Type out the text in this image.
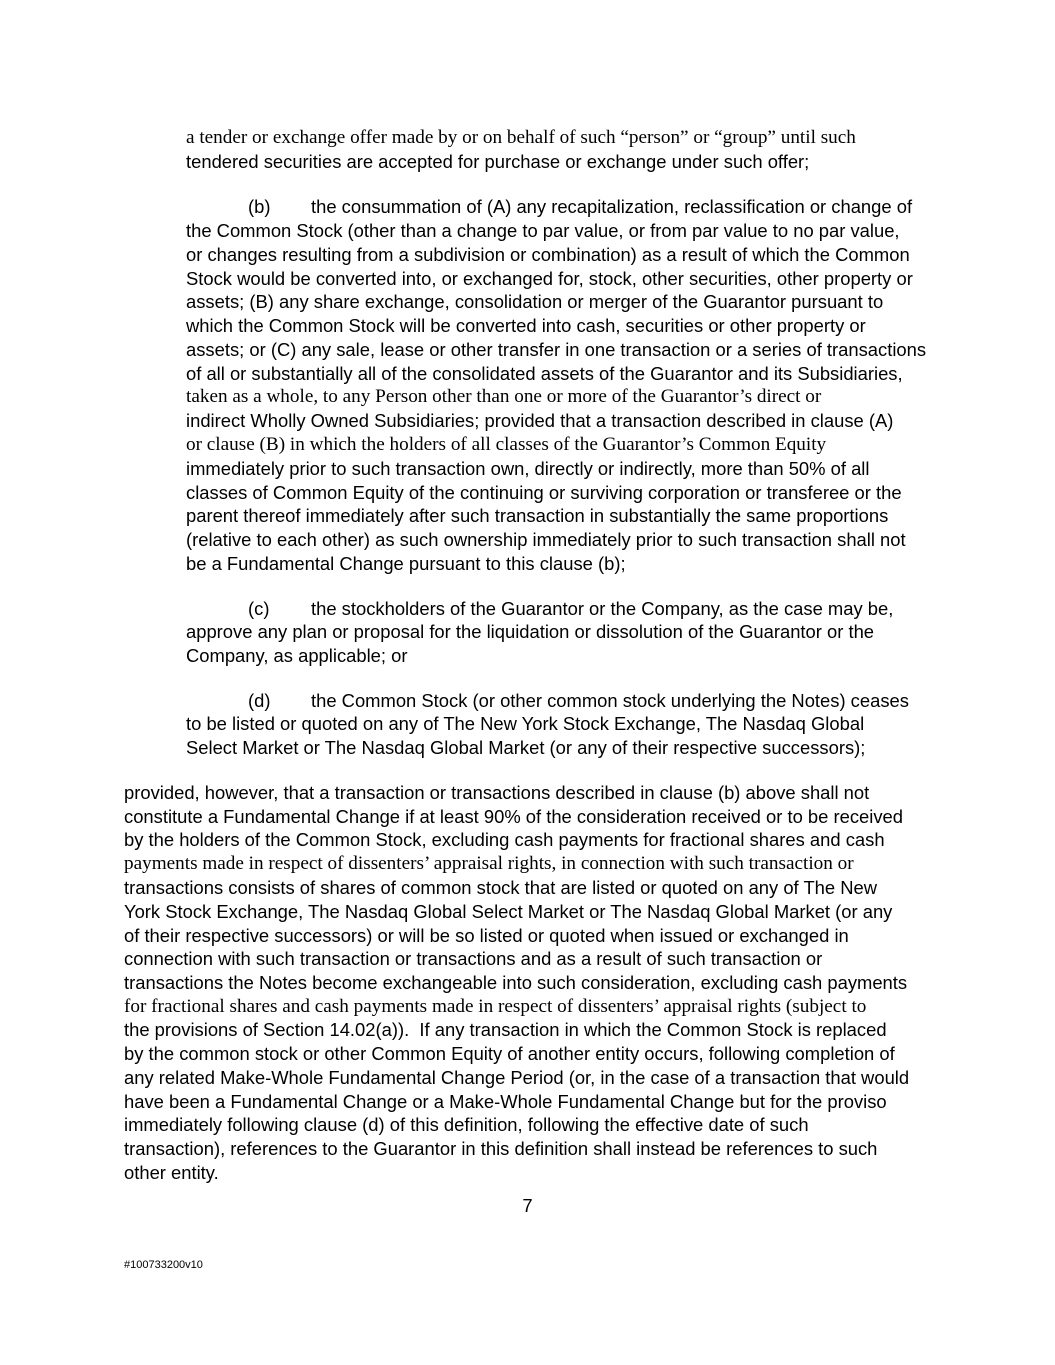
a tender or exchange offer made by or on behalf of such “person” or “group” until such
tendered securities are accepted for purchase or exchange under such offer;
(b) the consummation of (A) any recapitalization, reclassification or change of
the Common Stock (other than a change to par value, or from par value to no par value,
or changes resulting from a subdivision or combination) as a result of which the Common
Stock would be converted into, or exchanged for, stock, other securities, other property or
assets; (B) any share exchange, consolidation or merger of the Guarantor pursuant to
which the Common Stock will be converted into cash, securities or other property or
assets; or (C) any sale, lease or other transfer in one transaction or a series of transactions
of all or substantially all of the consolidated assets of the Guarantor and its Subsidiaries,
taken as a whole, to any Person other than one or more of the Guarantor’s direct or
indirect Wholly Owned Subsidiaries; provided that a transaction described in clause (A)
or clause (B) in which the holders of all classes of the Guarantor’s Common Equity
immediately prior to such transaction own, directly or indirectly, more than 50% of all
classes of Common Equity of the continuing or surviving corporation or transferee or the
parent thereof immediately after such transaction in substantially the same proportions
(relative to each other) as such ownership immediately prior to such transaction shall not
be a Fundamental Change pursuant to this clause (b);
(c) the stockholders of the Guarantor or the Company, as the case may be,
approve any plan or proposal for the liquidation or dissolution of the Guarantor or the
Company, as applicable; or
(d) the Common Stock (or other common stock underlying the Notes) ceases
to be listed or quoted on any of The New York Stock Exchange, The Nasdaq Global
Select Market or The Nasdaq Global Market (or any of their respective successors);
provided, however, that a transaction or transactions described in clause (b) above shall not
constitute a Fundamental Change if at least 90% of the consideration received or to be received
by the holders of the Common Stock, excluding cash payments for fractional shares and cash
payments made in respect of dissenters’ appraisal rights, in connection with such transaction or
transactions consists of shares of common stock that are listed or quoted on any of The New
York Stock Exchange, The Nasdaq Global Select Market or The Nasdaq Global Market (or any
of their respective successors) or will be so listed or quoted when issued or exchanged in
connection with such transaction or transactions and as a result of such transaction or
transactions the Notes become exchangeable into such consideration, excluding cash payments
for fractional shares and cash payments made in respect of dissenters’ appraisal rights (subject to
the provisions of Section 14.02(a)).  If any transaction in which the Common Stock is replaced
by the common stock or other Common Equity of another entity occurs, following completion of
any related Make-Whole Fundamental Change Period (or, in the case of a transaction that would
have been a Fundamental Change or a Make-Whole Fundamental Change but for the proviso
immediately following clause (d) of this definition, following the effective date of such
transaction), references to the Guarantor in this definition shall instead be references to such
other entity.
7
#100733200v10
